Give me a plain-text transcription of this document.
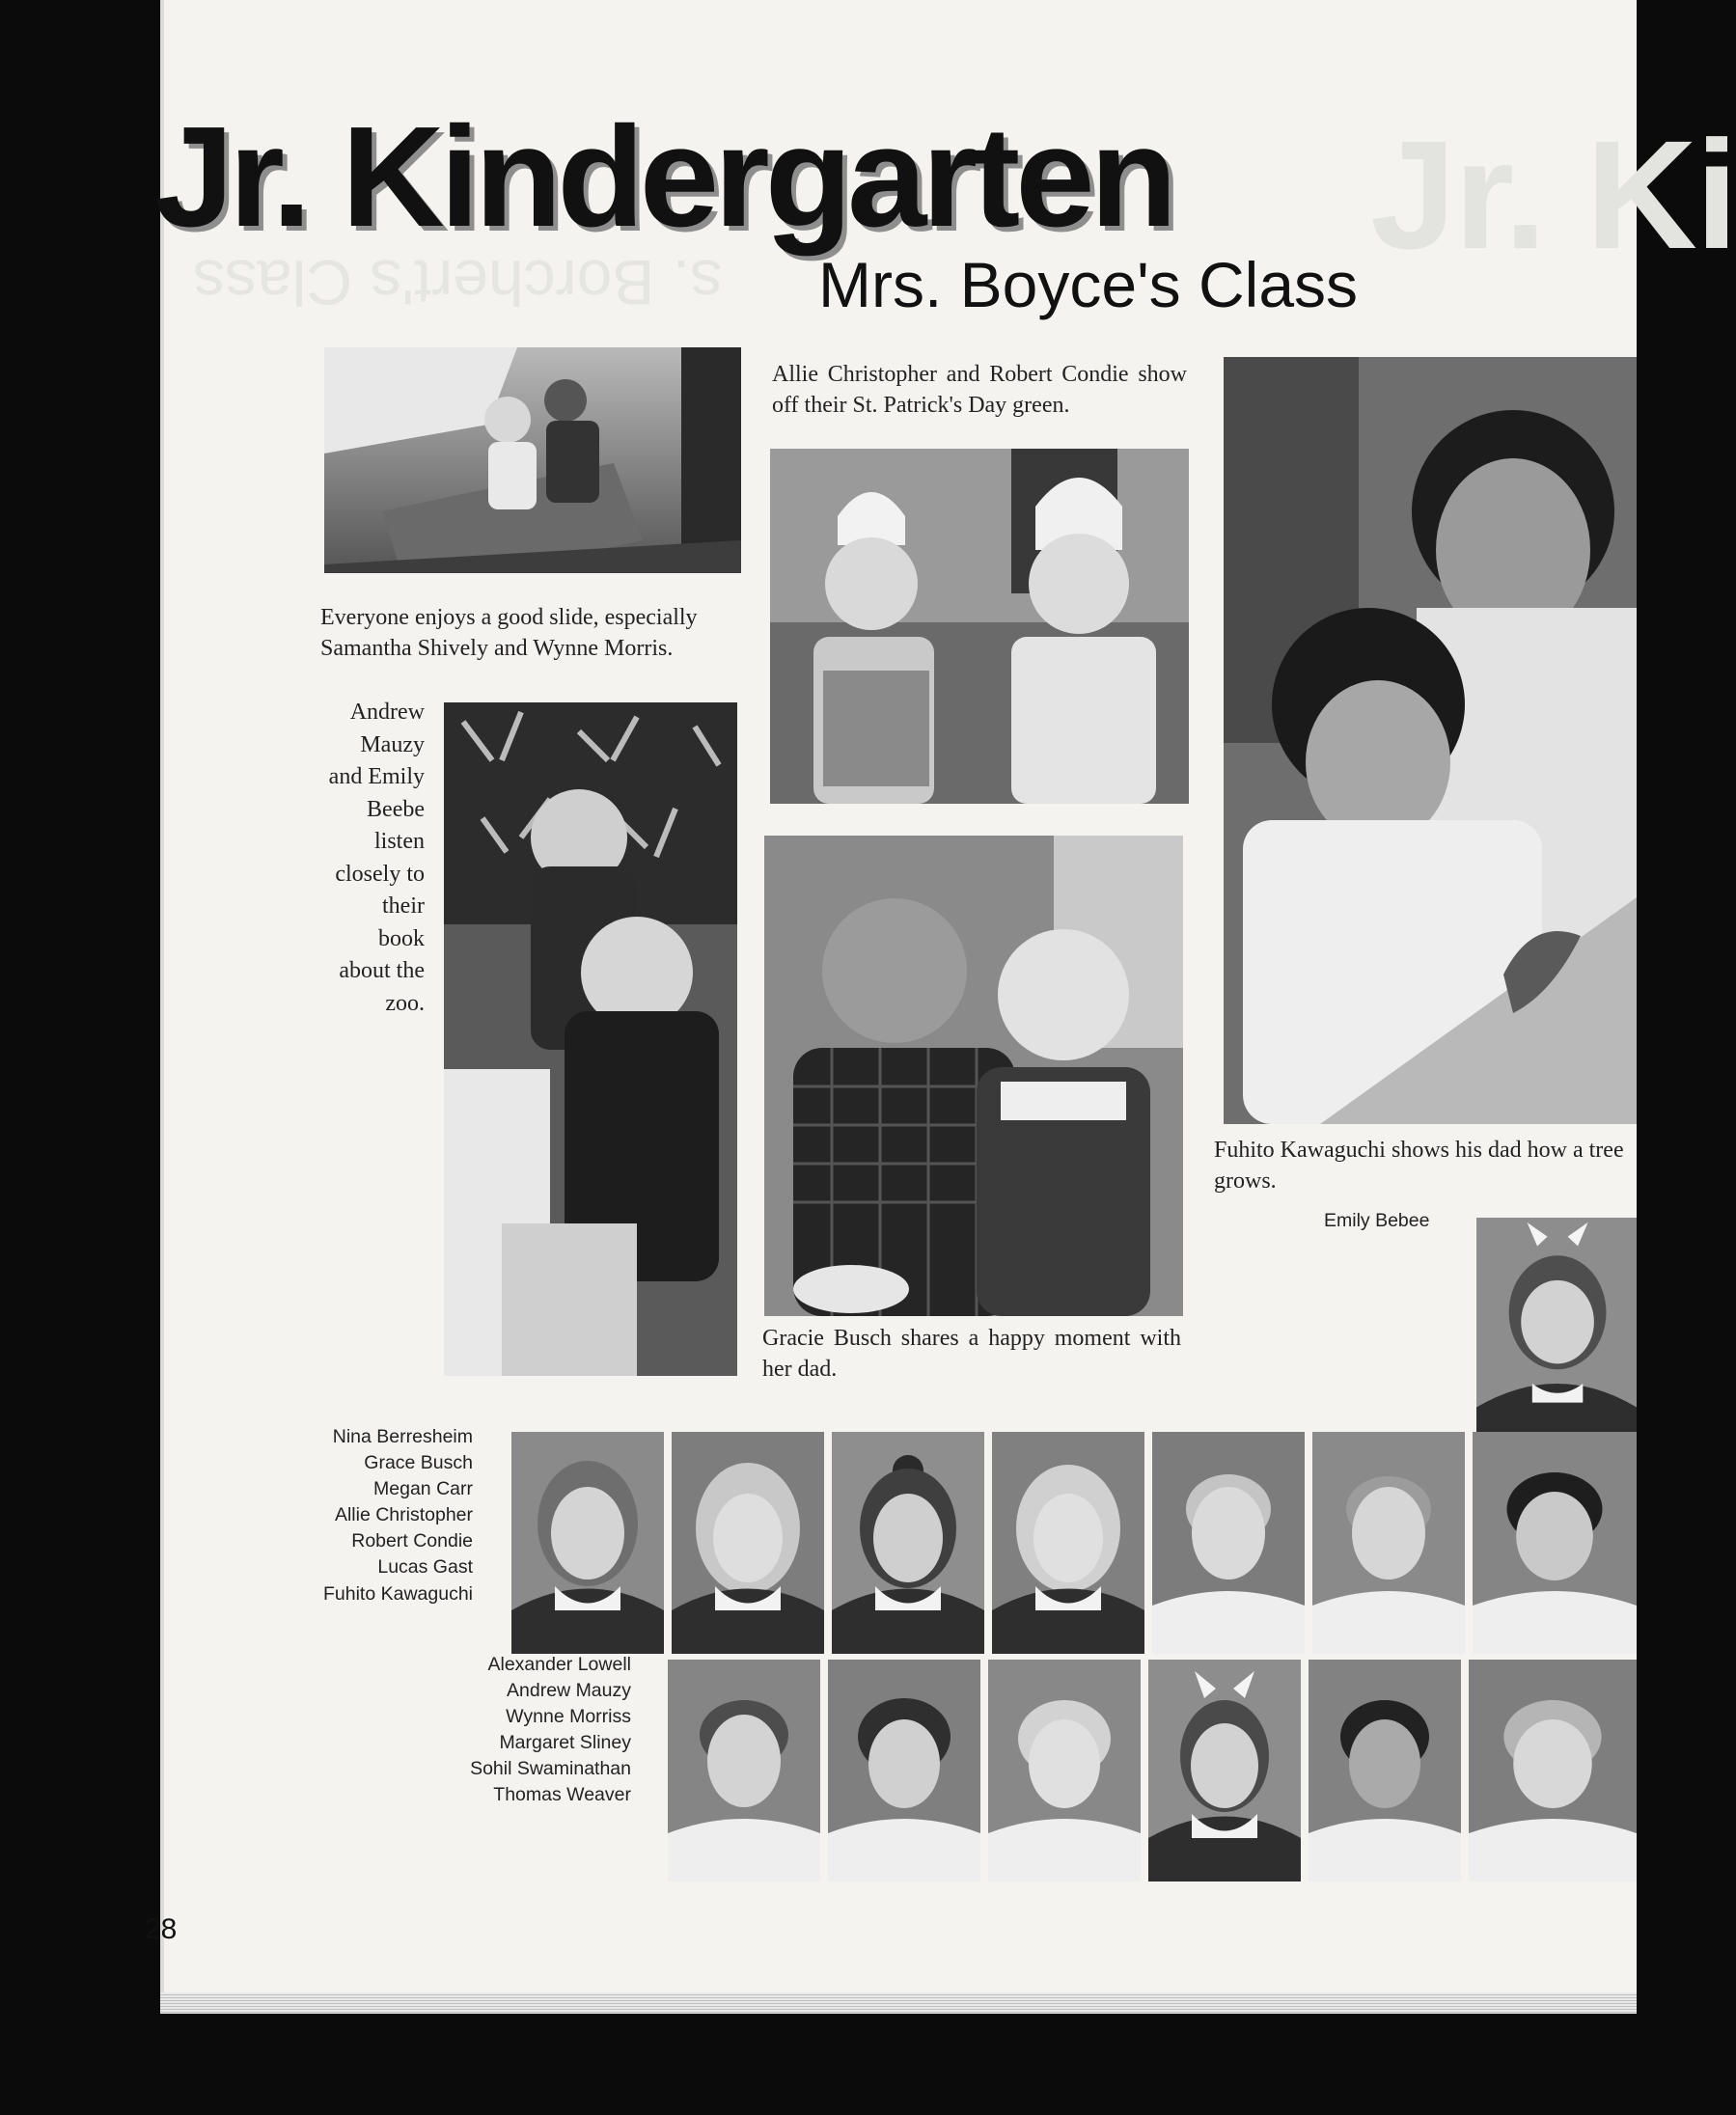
Jr. Ki
s. Borchert's Class
Jr. Kindergarten
Mrs. Boyce's Class
Everyone enjoys a good slide, especially Samantha Shively and Wynne Morris.
Andrew
Mauzy
and Emily
Beebe
listen
closely to
their
book
about the
zoo.
Allie Christopher and Robert Condie show off their St. Patrick's Day green.
Gracie Busch shares a happy moment with her dad.
Fuhito Kawaguchi shows his dad how a tree grows.
Emily Bebee
Nina Berresheim
Grace Busch
Megan Carr
Allie Christopher
Robert Condie
Lucas Gast
Fuhito Kawaguchi
Alexander Lowell
Andrew Mauzy
Wynne Morriss
Margaret Sliney
Sohil Swaminathan
Thomas Weaver
28
